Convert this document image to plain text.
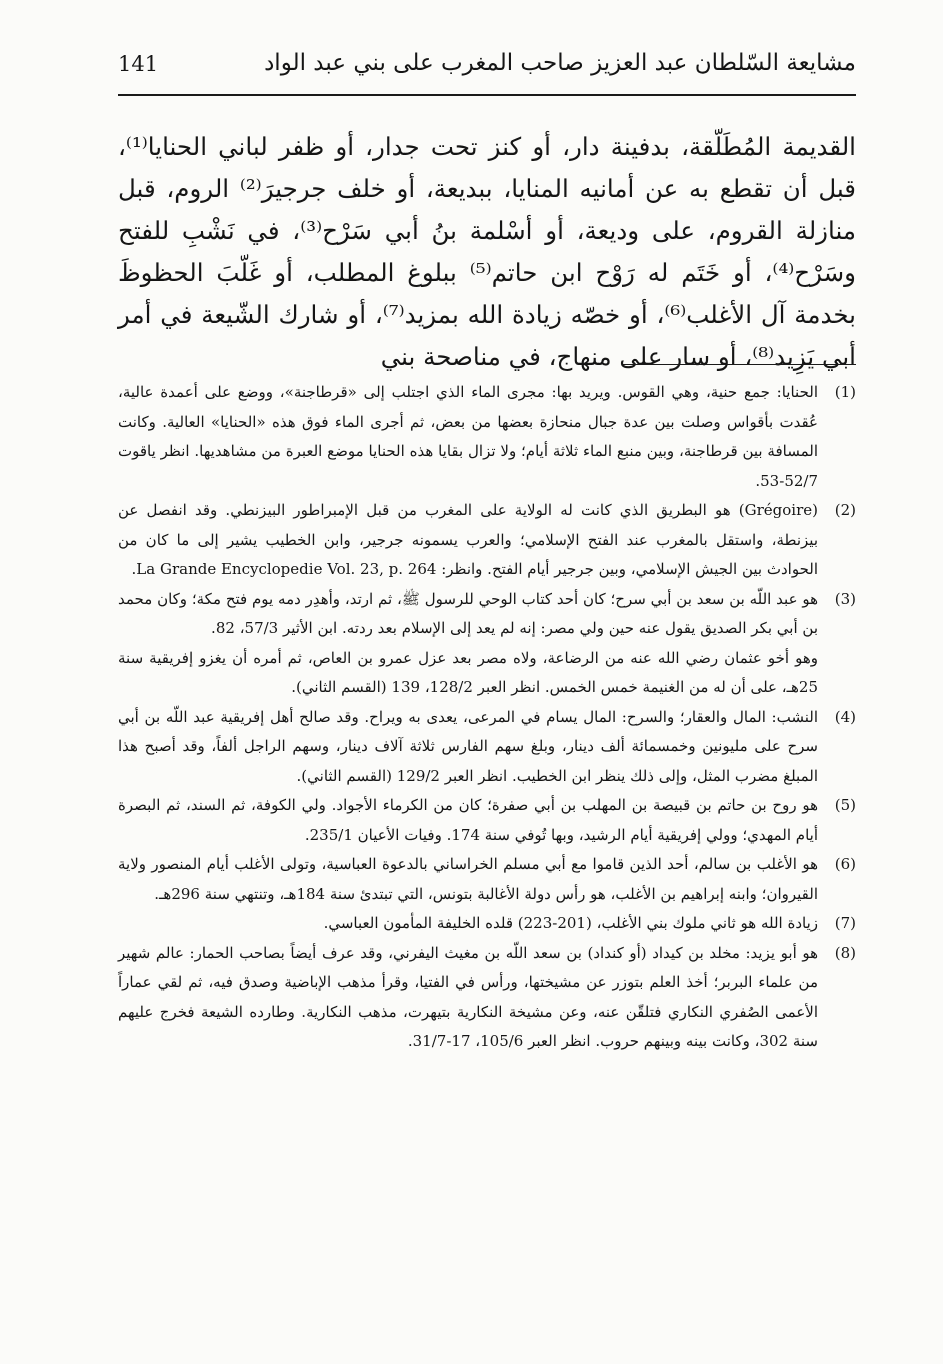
مشايعة السّلطان عبد العزيز صاحب المغرب على بني عبد الواد
141

القديمة المُطَلّقة، بدفينة دار، أو كنز تحت جدار، أو ظفر لباني الحنايا⁽¹⁾، قبل أن تقطع به عن أمانيه المنايا، ببديعة، أو خلف جرجيرَ⁽²⁾ الروم، قبل منازلة القروم، على وديعة، أو أسْلمة بنُ أبي سَرْح⁽³⁾، في نَشْبِ للفتح وسَرْح⁽⁴⁾، أو خَتَم له رَوْح ابن حاتم⁽⁵⁾ ببلوغ المطلب، أو غَلّبَ الحظوظَ بخدمة آل الأغلب⁽⁶⁾، أو خصّه زيادة الله بمزيد⁽⁷⁾، أو شارك الشّيعة في أمر أبي يَزِيد⁽⁸⁾، أو سار على منهاج، في مناصحة بني

(1)
الحنايا: جمع حنية، وهي القوس. ويريد بها: مجرى الماء الذي اجتلب إلى «قرطاجنة»، ووضع على أعمدة عالية، عُقدت بأقواس وصلت بين عدة جبال منحازة بعضها من بعض، ثم أجرى الماء فوق هذه «الحنايا» العالية. وكانت المسافة بين قرطاجنة، وبين منبع الماء ثلاثة أيام؛ ولا تزال بقايا هذه الحنايا موضع العبرة من مشاهديها. انظر ياقوت 52/7-53.
(2)
(Grégoire) هو البطريق الذي كانت له الولاية على المغرب من قبل الإمبراطور البيزنطي. وقد انفصل عن بيزنطة، واستقل بالمغرب عند الفتح الإسلامي؛ والعرب يسمونه جرجير، وابن الخطيب يشير إلى ما كان من الحوادث بين الجيش الإسلامي، وبين جرجير أيام الفتح. وانظر: La Grande Encyclopedie Vol. 23, p. 264.
(3)
هو عبد اللّه بن سعد بن أبي سرح؛ كان أحد كتاب الوحي للرسول ﷺ، ثم ارتد، وأهدِر دمه يوم فتح مكة؛ وكان محمد بن أبي بكر الصديق يقول عنه حين ولي مصر: إنه لم يعد إلى الإسلام بعد ردته. ابن الأثير 57/3، 82.
وهو أخو عثمان رضي الله عنه من الرضاعة، ولاه مصر بعد عزل عمرو بن العاص، ثم أمره أن يغزو إفريقية سنة 25هـ، على أن له من الغنيمة خمس الخمس. انظر العبر 128/2، 139 (القسم الثاني).
(4)
النشب: المال والعقار؛ والسرح: المال يسام في المرعى، يعدى به ويراح. وقد صالح أهل إفريقية عبد اللّه بن أبي سرح على مليونين وخمسمائة ألف دينار، وبلغ سهم الفارس ثلاثة آلاف دينار، وسهم الراجل ألفاً، وقد أصبح هذا المبلغ مضرب المثل، وإلى ذلك ينظر ابن الخطيب. انظر العبر 129/2 (القسم الثاني).
(5)
هو روح بن حاتم بن قبيصة بن المهلب بن أبي صفرة؛ كان من الكرماء الأجواد. ولي الكوفة، ثم السند، ثم البصرة أيام المهدي؛ وولي إفريقية أيام الرشيد، وبها تُوفي سنة 174. وفيات الأعيان 235/1.
(6)
هو الأغلب بن سالم، أحد الذين قاموا مع أبي مسلم الخراساني بالدعوة العباسية، وتولى الأغلب أيام المنصور ولاية القيروان؛ وابنه إبراهيم بن الأغلب، هو رأس دولة الأغالبة بتونس، التي تبتدئ سنة 184هـ، وتنتهي سنة 296هـ.
(7)
زيادة الله هو ثاني ملوك بني الأغلب، (201-223) قلده الخليفة المأمون العباسي.
(8)
هو أبو يزيد: مخلد بن كيداد (أو كنداد) بن سعد اللّه بن مغيث اليفرني، وقد عرف أيضاً بصاحب الحمار: عالم شهير من علماء البربر؛ أخذ العلم بتوزر عن مشيختها، ورأس في الفتيا، وقرأ مذهب الإباضية وصدق فيه، ثم لقي عماراً الأعمى الصُفري النكاري فتلقّن عنه، وعن مشيخة النكارية بتيهرت، مذهب النكارية. وطارده الشيعة فخرج عليهم سنة 302، وكانت بينه وبينهم حروب. انظر العبر 105/6، 17-31/7.
